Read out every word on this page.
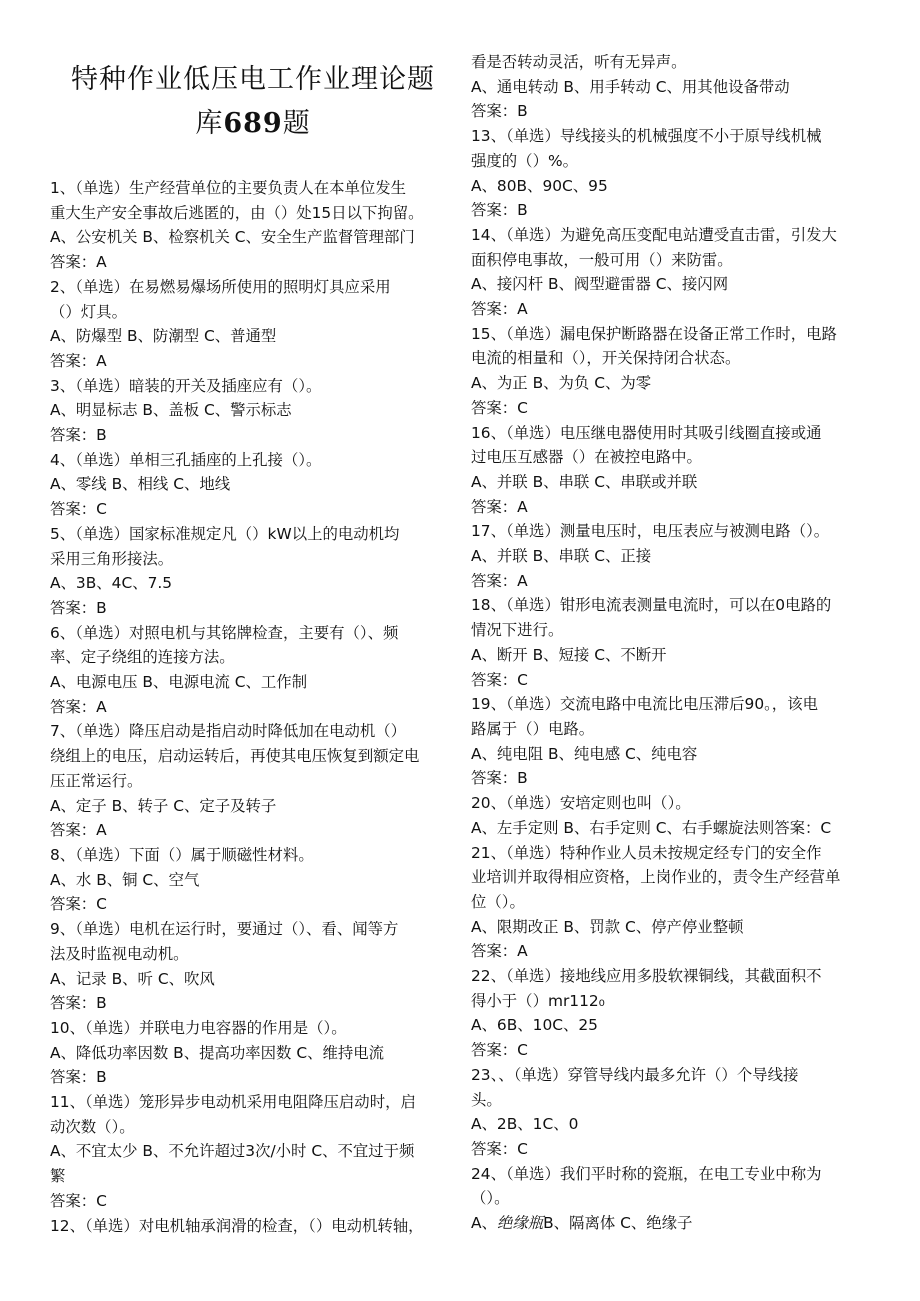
特种作业低压电工作业理论题
库689题
1、（单选）生产经营单位的主要负责人在本单位发生
重大生产安全事故后逃匿的，由（）处15日以下拘留。
A、公安机关 B、检察机关 C、安全生产监督管理部门
答案：A
2、（单选）在易燃易爆场所使用的照明灯具应采用
（）灯具。
A、防爆型 B、防潮型 C、普通型
答案：A
3、（单选）暗装的开关及插座应有（）。
A、明显标志 B、盖板 C、警示标志
答案：B
4、（单选）单相三孔插座的上孔接（）。
A、零线 B、相线 C、地线
答案：C
5、（单选）国家标准规定凡（）kW以上的电动机均
采用三角形接法。
A、3B、4C、7.5
答案：B
6、（单选）对照电机与其铭牌检查，主要有（）、频
率、定子绕组的连接方法。
A、电源电压 B、电源电流 C、工作制
答案：A
7、（单选）降压启动是指启动时降低加在电动机（）
绕组上的电压，启动运转后，再使其电压恢复到额定电
压正常运行。
A、定子 B、转子 C、定子及转子
答案：A
8、（单选）下面（）属于顺磁性材料。
A、水 B、铜 C、空气
答案：C
9、（单选）电机在运行时，要通过（）、看、闻等方
法及时监视电动机。
A、记录 B、听 C、吹风
答案：B
10、（单选）并联电力电容器的作用是（）。
A、降低功率因数 B、提高功率因数 C、维持电流
答案：B
11、（单选）笼形异步电动机采用电阻降压启动时，启
动次数（）。
A、不宜太少 B、不允许超过3次/小时 C、不宜过于频
繁
答案：C
12、（单选）对电机轴承润滑的检查，（）电动机转轴，
看是否转动灵活，听有无异声。
A、通电转动 B、用手转动 C、用其他设备带动
答案：B
13、（单选）导线接头的机械强度不小于原导线机械
强度的（）%。
A、80B、90C、95
答案：B
14、（单选）为避免高压变配电站遭受直击雷，引发大
面积停电事故，一般可用（）来防雷。
A、接闪杆 B、阀型避雷器 C、接闪网
答案：A
15、（单选）漏电保护断路器在设备正常工作时，电路
电流的相量和（），开关保持闭合状态。
A、为正 B、为负 C、为零
答案：C
16、（单选）电压继电器使用时其吸引线圈直接或通
过电压互感器（）在被控电路中。
A、并联 B、串联 C、串联或并联
答案：A
17、（单选）测量电压时，电压表应与被测电路（）。
A、并联 B、串联 C、正接
答案：A
18、（单选）钳形电流表测量电流时，可以在0电路的
情况下进行。
A、断开 B、短接 C、不断开
答案：C
19、（单选）交流电路中电流比电压滞后90。，该电
路属于（）电路。
A、纯电阻 B、纯电感 C、纯电容
答案：B
20、（单选）安培定则也叫（）。
A、左手定则 B、右手定则 C、右手螺旋法则答案：C
21、（单选）特种作业人员未按规定经专门的安全作
业培训并取得相应资格，上岗作业的，责令生产经营单
位（）。
A、限期改正 B、罚款 C、停产停业整顿
答案：A
22、（单选）接地线应用多股软裸铜线，其截面积不
得小于（）mr112₀
A、6B、10C、25
答案：C
23、、（单选）穿管导线内最多允许（）个导线接
头。
A、2B、1C、0
答案：C
24、（单选）我们平时称的瓷瓶，在电工专业中称为
（）。
A、绝缘瓶B、隔离体 C、绝缘子
